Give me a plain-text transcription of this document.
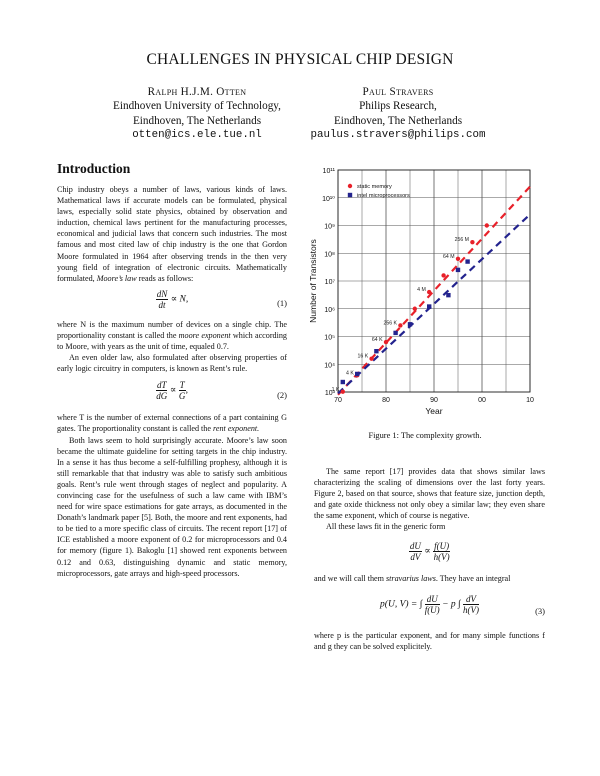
CHALLENGES IN PHYSICAL CHIP DESIGN
Ralph H.J.M. Otten
Eindhoven University of Technology,
Eindhoven, The Netherlands
otten@ics.ele.tue.nl
Paul Stravers
Philips Research,
Eindhoven, The Netherlands
paulus.stravers@philips.com
Introduction

Chip industry obeys a number of laws, various kinds of laws. Mathematical laws if accurate models can be formulated, physical laws, especially solid state physics, obtained by observation and induction, chemical laws pertinent for the manufacturing processes, economical and judicial laws that concern such industries. The most famous and most cited law of chip industry is the one that Gordon Moore formulated in 1964 after observing trends in the then very young field of integration of electronic circuits. Mathematically formulated, Moore’s law reads as follows:

$\frac{dN}{dt} \propto N$,	(1)

where N is the maximum number of devices on a single chip. The proportionality constant is called the moore exponent which according to Moore, with years as the unit of time, equaled 0.7.

An even older law, also formulated after observing properties of early logic circuitry in computers, is known as Rent’s rule.

$\frac{dT}{dG} \propto \frac{T}{G}$ ,	(2)

where T is the number of external connections of a part containing G gates. The proportionality constant is called the rent exponent.

Both laws seem to hold surprisingly accurate. Moore’s law soon became the ultimate guideline for setting targets in the chip industry. In a sense it has thus become a self-fulfilling prophesy, although it is still remarkable that that industry was able to satisfy such ambitious goals. Rent’s rule went through stages of neglect and popularity. A convincing case for the usefulness of such a law came with IBM’s need for wire space estimations for gate arrays, as documented in the Donath’s landmark paper [5]. Both, the moore and rent exponents, had to be tied to a more specific class of circuits. The recent report [17] of ICE established a moore exponent of 0.2 for microprocessors and 0.4 for memory (figure 1). Bakoglu [1] showed rent exponents between 0.12 and 0.63, distinguishing dynamic and static memory, microprocessors, gate arrays and high-speed processors.

10³
10⁴
10⁵
10⁶
10⁷
10⁸
10⁹
10¹⁰
10¹¹
70	80	90	00	10
Year
Number of Transistors
1 K
4 K
16 K
64 K
256 K
4 M
64 M
256 M
static memory
intel microprocessors
Figure 1: The complexity growth.

The same report [17] provides data that shows similar laws characterizing the scaling of dimensions over the last forty years. Figure 2, based on that source, shows that feature size, junction depth, and gate oxide thickness not only obey a similar law; they even share the same exponent, which of course is negative.

All these laws fit in the generic form

$\frac{dU}{dV} \propto \frac{f(U)}{h(V)}$

and we will call them stravarius laws. They have an integral

p(U, V) = ∫ $\frac{dU}{f(U)} - p$ ∫ $\frac{dV}{h(V)}$	(3)

where p is the particular exponent, and for many simple functions f and g they can be solved explicitely.
